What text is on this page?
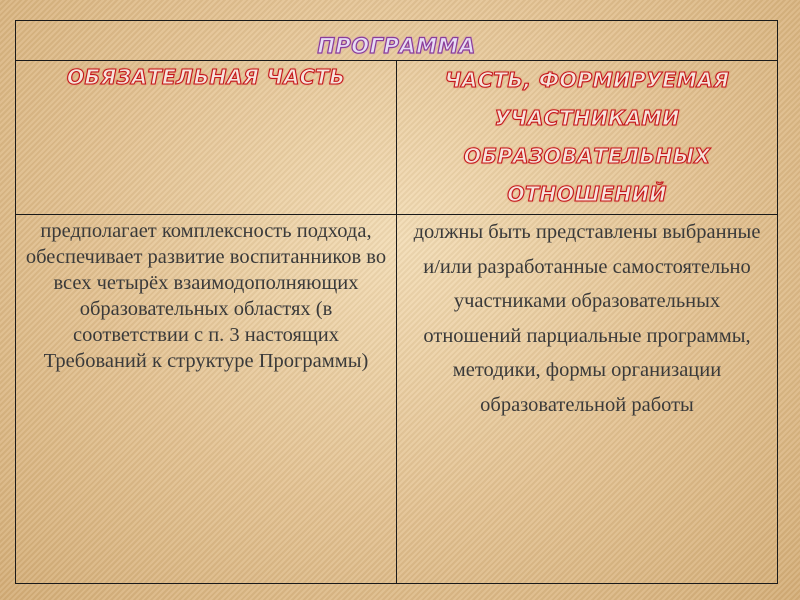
ПРОГРАММА	

ОБЯЗАТЕЛЬНАЯ ЧАСТЬ	ЧАСТЬ, ФОРМИРУЕМАЯ УЧАСТНИКАМИ ОБРАЗОВАТЕЛЬНЫХ ОТНОШЕНИЙ

предполагает комплексность подхода, обеспечивает развитие воспитанников во всех четырёх взаимодополняющих образовательных областях (в соответствии с п. 3 настоящих Требований к структуре Программы)	должны быть представлены выбранные и/или разработанные самостоятельно участниками образовательных отношений парциальные программы, методики, формы организации образовательной работы
